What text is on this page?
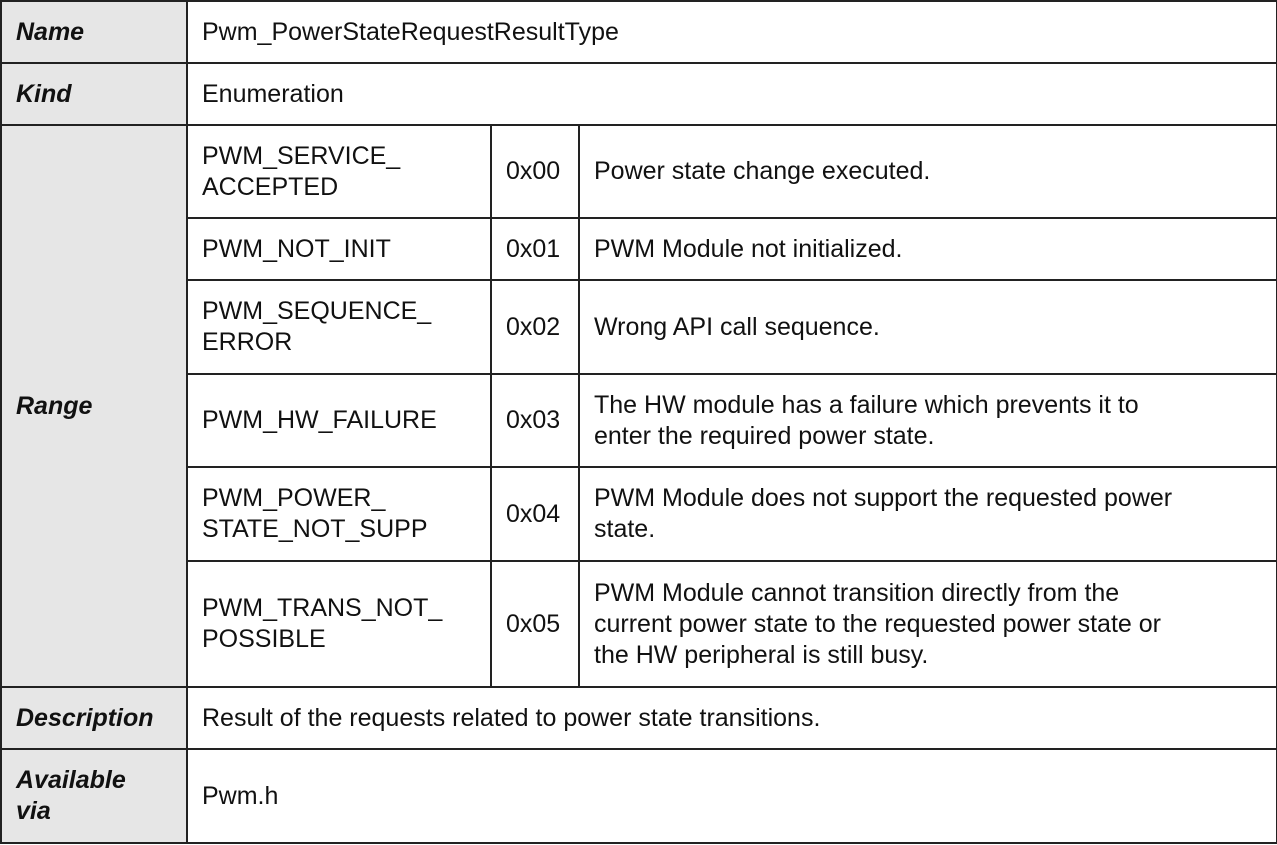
Name	Pwm_PowerStateRequestResultType		

Kind	Enumeration		

Range	PWM_SERVICE_
ACCEPTED	0x00	Power state change executed.

	PWM_NOT_INIT	0x01	PWM Module not initialized.

	PWM_SEQUENCE_
ERROR	0x02	Wrong API call sequence.

	PWM_HW_FAILURE	0x03	The HW module has a failure which prevents it to
enter the required power state.

	PWM_POWER_
STATE_NOT_SUPP	0x04	PWM Module does not support the requested power
state.

	PWM_TRANS_NOT_
POSSIBLE	0x05	PWM Module cannot transition directly from the
current power state to the requested power state or
the HW peripheral is still busy.

Description	Result of the requests related to power state transitions.		

Available
via	Pwm.h		
